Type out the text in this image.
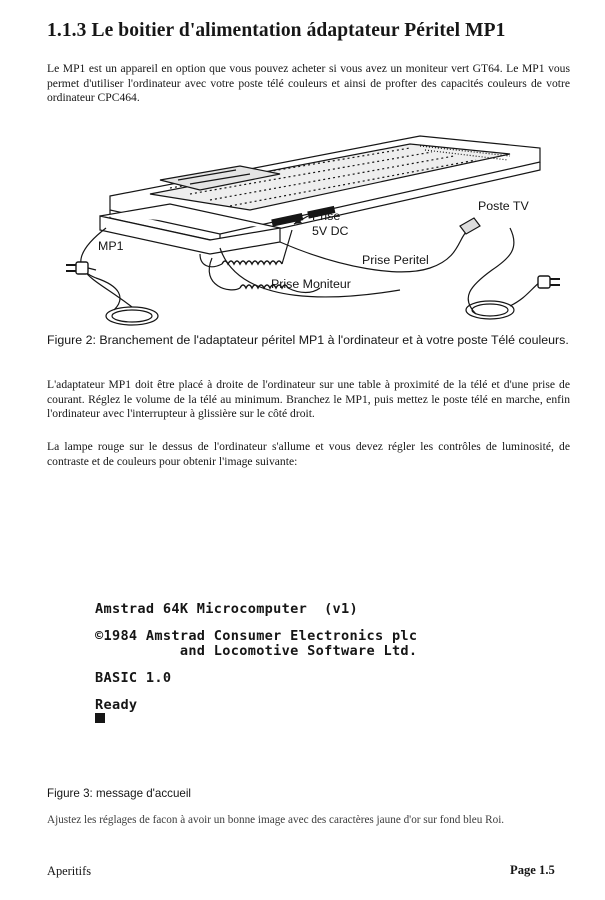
1.1.3 Le boitier d'alimentation ádaptateur Péritel MP1
Le MP1 est un appareil en option que vous pouvez acheter si vous avez un moniteur vert GT64. Le MP1 vous permet d'utiliser l'ordinateur avec votre poste télé couleurs et ainsi de profter des capacités couleurs de votre ordinateur CPC464.
MP1
Prise
5V DC
Prise Peritel
Prise Moniteur
Poste TV
Figure 2: Branchement de l'adaptateur péritel MP1 à l'ordinateur et à votre poste Télé couleurs.
L'adaptateur MP1 doit être placé à droite de l'ordinateur sur une table à proximité de la télé et d'une prise de courant. Réglez le volume de la télé au minimum. Branchez le MP1, puis mettez le poste télé en marche, enfin l'ordinateur avec l'interrupteur à glissière sur le côté droit.
La lampe rouge sur le dessus de l'ordinateur s'allume et vous devez régler les contrôles de luminosité, de contraste et de couleurs pour obtenir l'image suivante:

Amstrad 64K Microcomputer  (v1)

©1984 Amstrad Consumer Electronics plc

and Locomotive Software Ltd.

BASIC 1.0

Ready

Figure 3: message d'accueil
Ajustez les réglages de facon à avoir un bonne image avec des caractères jaune d'or sur fond bleu Roi.
Aperitifs	Page 1.5
